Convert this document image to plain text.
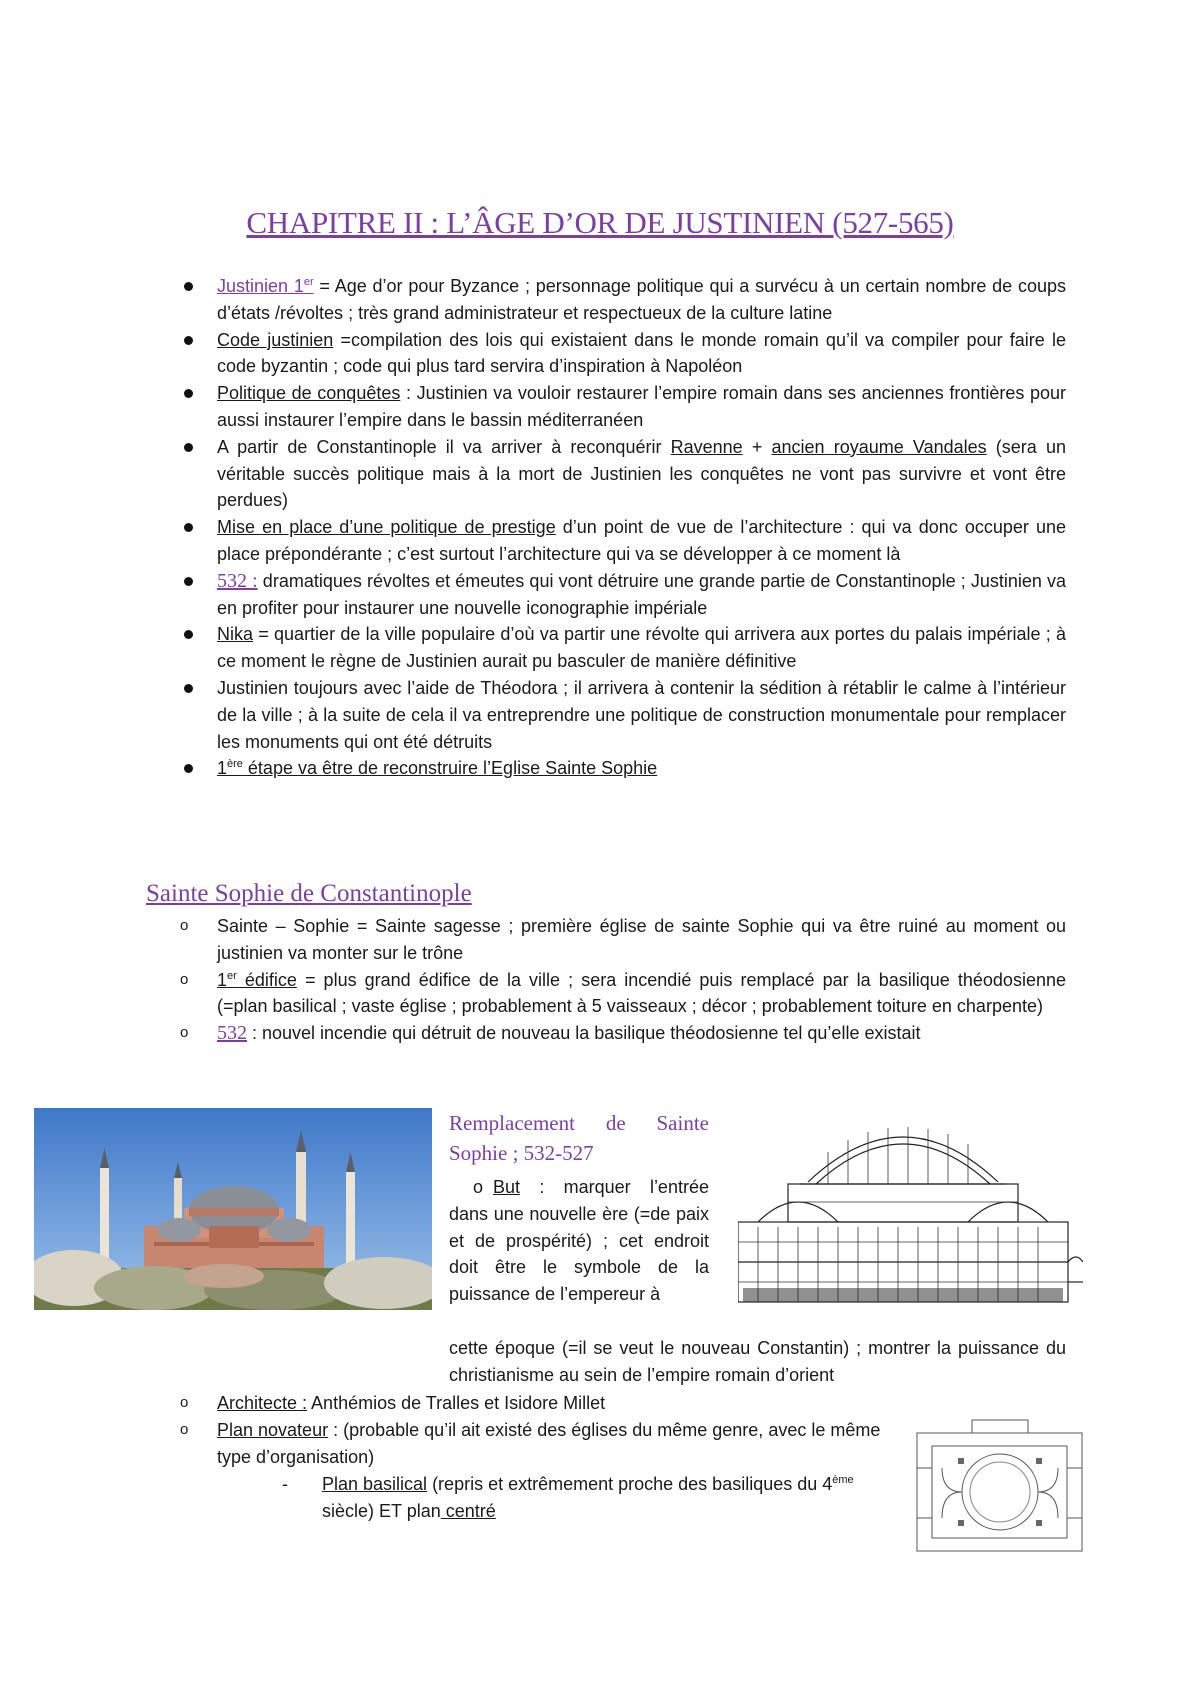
CHAPITRE II : L’ÂGE D’OR DE JUSTINIEN (527-565)
Justinien 1er = Age d’or pour Byzance ; personnage politique qui a survécu à un certain nombre de coups d’états /révoltes ; très grand administrateur et respectueux de la culture latine
Code justinien =compilation des lois qui existaient dans le monde romain qu’il va compiler pour faire le code byzantin ; code qui plus tard servira d’inspiration à Napoléon
Politique de conquêtes : Justinien va vouloir restaurer l’empire romain dans ses anciennes frontières pour aussi instaurer l’empire dans le bassin méditerranéen
A partir de Constantinople il va arriver à reconquérir Ravenne + ancien royaume Vandales (sera un véritable succès politique mais à la mort de Justinien les conquêtes ne vont pas survivre et vont être perdues)
Mise en place d’une politique de prestige d’un point de vue de l’architecture : qui va donc occuper une place prépondérante ; c’est surtout l’architecture qui va se développer à ce moment là
532 : dramatiques révoltes et émeutes qui vont détruire une grande partie de Constantinople ; Justinien va en profiter pour instaurer une nouvelle iconographie impériale
Nika = quartier de la ville populaire d’où va partir une révolte qui arrivera aux portes du palais impériale ; à ce moment le règne de Justinien aurait pu basculer de manière définitive
Justinien toujours avec l’aide de Théodora ; il arrivera à contenir la sédition à rétablir le calme à l’intérieur de la ville ; à la suite de cela il va entreprendre une politique de construction monumentale pour remplacer les monuments qui ont été détruits
1ère étape va être de reconstruire l’Eglise Sainte Sophie
Sainte Sophie de Constantinople
o Sainte – Sophie = Sainte sagesse ; première église de sainte Sophie qui va être ruiné au moment ou justinien va monter sur le trône
o 1er édifice = plus grand édifice de la ville ; sera incendié puis remplacé par la basilique théodosienne (=plan basilical ; vaste église ; probablement à 5 vaisseaux ; décor ; probablement toiture en charpente)
o 532 : nouvel incendie qui détruit de nouveau la basilique théodosienne tel qu’elle existait
Remplacement de Sainte Sophie ; 532-527
o But : marquer l’entrée dans une nouvelle ère (=de paix et de prospérité) ; cet endroit doit être le symbole de la puissance de l’empereur à
cette époque (=il se veut le nouveau Constantin) ; montrer la puissance du christianisme au sein de l’empire romain d’orient
o	Architecte : Anthémios de Tralles et Isidore Millet
o	Plan novateur : (probable qu’il ait existé des églises du même genre, avec le même type d’organisation)
-	Plan basilical (repris et extrêmement proche des basiliques du 4ème siècle) ET plan centré
